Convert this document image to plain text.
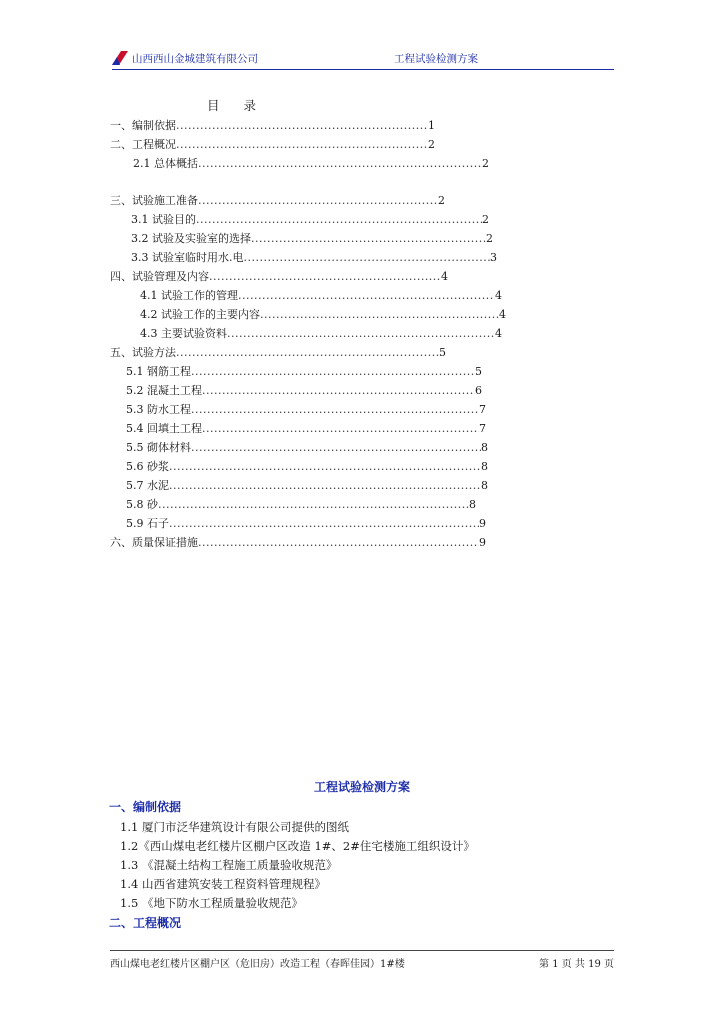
山西西山金城建筑有限公司	工程试验检测方案
目 录
一、编制依据 .....	1
二、工程概况 .....	2
2.1 总体概括 .....	2
三、试验施工准备 .....	2
3.1 试验目的 .....	2
3.2 试验及实验室的选择 .....	2
3.3 试验室临时用水.电 .....	3
四、试验管理及内容 .....	4
4.1 试验工作的管理 .....	4
4.2 试验工作的主要内容 .....	4
4.3 主要试验资料 .....	4
五、试验方法 .....	5
5.1 钢筋工程 .....	5
5.2 混凝土工程 .....	6
5.3 防水工程 .....	7
5.4 回填土工程 .....	7
5.5 砌体材料 .....	8
5.6 砂浆 .....	8
5.7 水泥 .....	8
5.8 砂 .....	8
5.9 石子 .....	9
六、质量保证措施 .....	9
工程试验检测方案
一、编制依据
1.1 厦门市泛华建筑设计有限公司提供的图纸
1.2《西山煤电老红楼片区棚户区改造 1#、2#住宅楼施工组织设计》
1.3 《混凝土结构工程施工质量验收规范》
1.4 山西省建筑安装工程资料管理规程》
1.5 《地下防水工程质量验收规范》
二、工程概况
西山煤电老红楼片区棚户区（危旧房）改造工程（春晖佳园）1#楼	第 1 页 共 19 页
